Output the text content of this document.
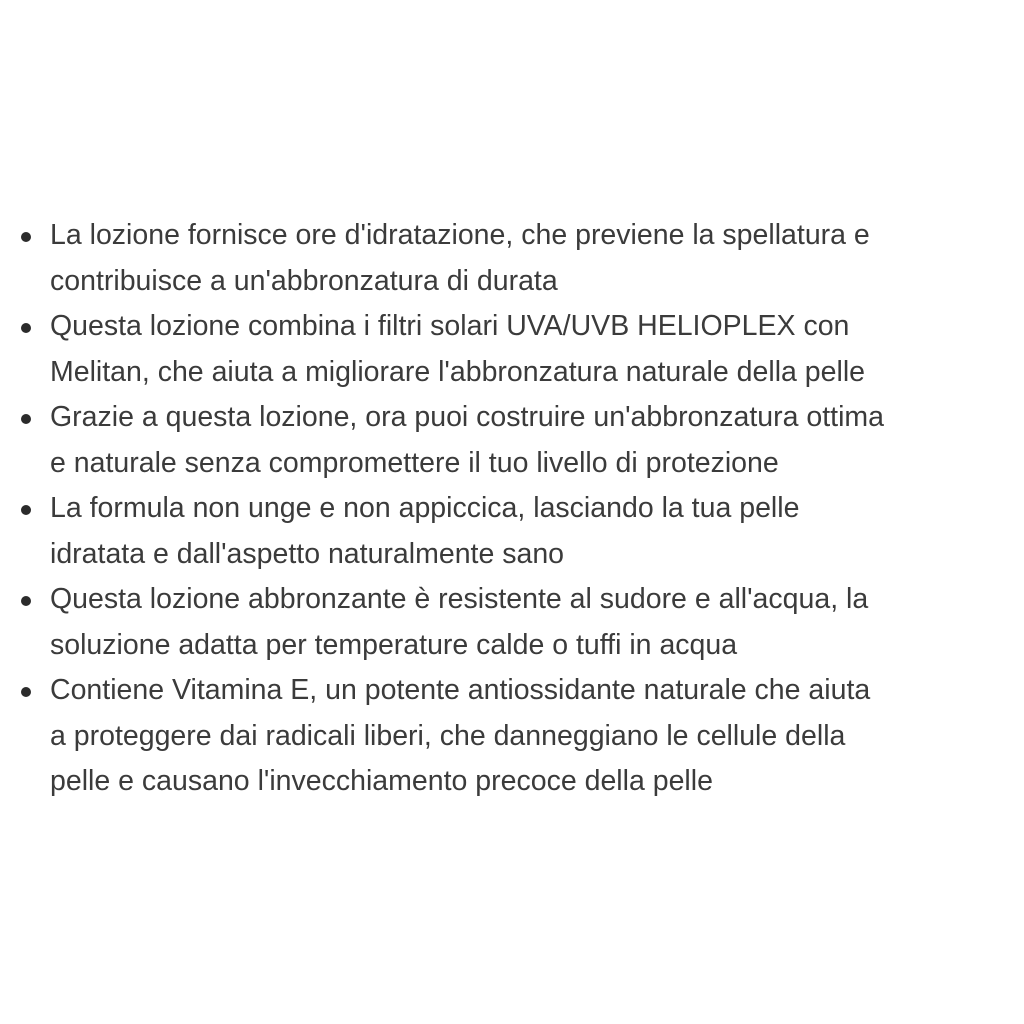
La lozione fornisce ore d'idratazione, che previene la spellatura e
contribuisce a un'abbronzatura di durata
Questa lozione combina i filtri solari UVA/UVB HELIOPLEX con
Melitan, che aiuta a migliorare l'abbronzatura naturale della pelle
Grazie a questa lozione, ora puoi costruire un'abbronzatura ottima
e naturale senza compromettere il tuo livello di protezione
La formula non unge e non appiccica, lasciando la tua pelle
idratata e dall'aspetto naturalmente sano
Questa lozione abbronzante è resistente al sudore e all'acqua, la
soluzione adatta per temperature calde o tuffi in acqua
Contiene Vitamina E, un potente antiossidante naturale che aiuta
a proteggere dai radicali liberi, che danneggiano le cellule della
pelle e causano l'invecchiamento precoce della pelle
